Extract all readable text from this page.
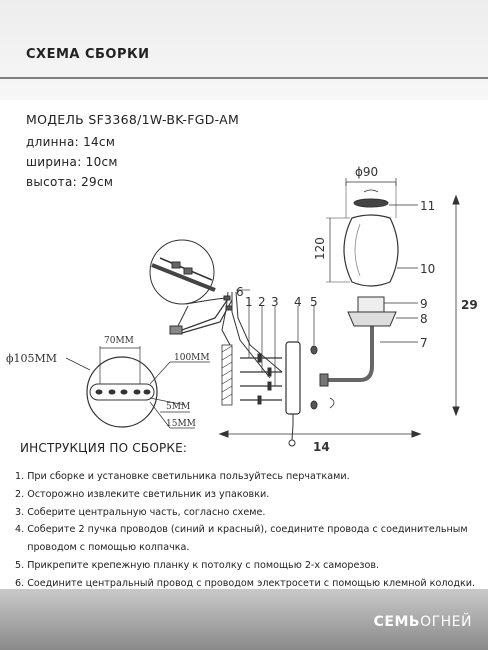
СХЕМА СБОРКИ
МОДЕЛЬ SF3368/1W-BK-FGD-AM
длинна: 14см
ширина: 10см
высота: 29см
70MM
100MM
5MM
15MM
ϕ105MM
ϕ90
120
29
14
1 2 3 4 5
6
7
8
9
10
11
ИНСТРУКЦИЯ ПО СБОРКЕ:
1. При сборке и установке светильника пользуйтесь перчатками.
2. Осторожно извлеките светильник из упаковки.
3. Соберите центральную часть, согласно схеме.
4. Соберите 2 пучка проводов (синий и красный), соедините провода с соединительным
проводом с помощью колпачка.
5. Прикрепите крепежную планку к потолку с помощью 2-х саморезов.
6. Соедините центральный провод с проводом электросети с помощью клемной колодки.
СЕМЬОГНЕЙ
